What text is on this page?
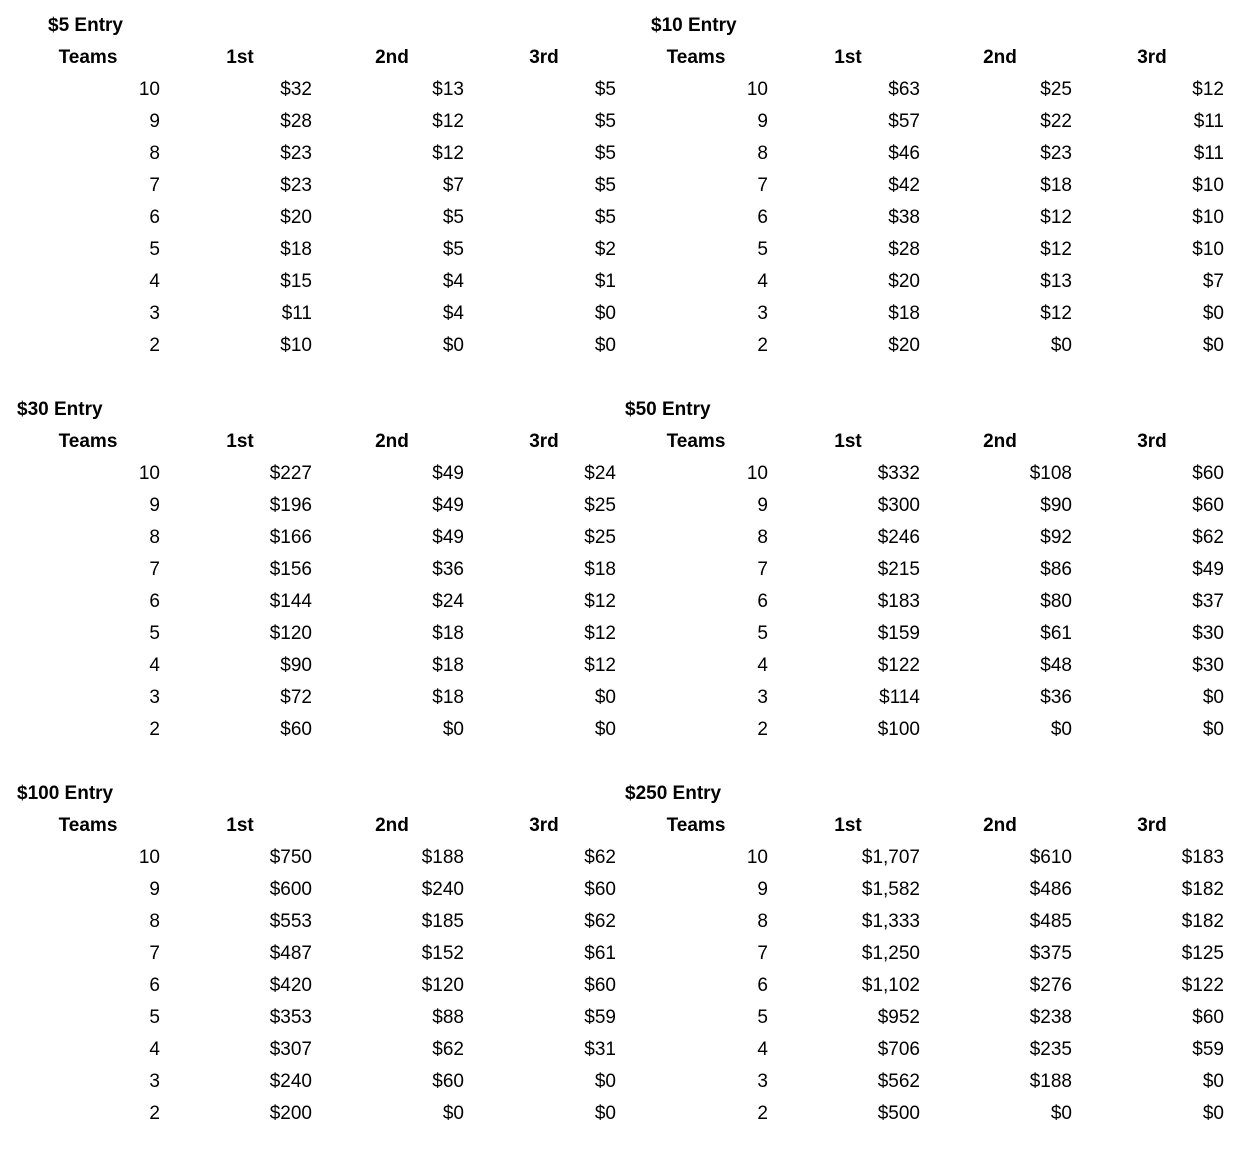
$5 Entry
Teams	1st	2nd	3rd
10	$32	$13	$5
9	$28	$12	$5
8	$23	$12	$5
7	$23	$7	$5
6	$20	$5	$5
5	$18	$5	$2
4	$15	$4	$1
3	$11	$4	$0
2	$10	$0	$0
$10 Entry
Teams	1st	2nd	3rd
10	$63	$25	$12
9	$57	$22	$11
8	$46	$23	$11
7	$42	$18	$10
6	$38	$12	$10
5	$28	$12	$10
4	$20	$13	$7
3	$18	$12	$0
2	$20	$0	$0
$30 Entry
Teams	1st	2nd	3rd
10	$227	$49	$24
9	$196	$49	$25
8	$166	$49	$25
7	$156	$36	$18
6	$144	$24	$12
5	$120	$18	$12
4	$90	$18	$12
3	$72	$18	$0
2	$60	$0	$0
$50 Entry
Teams	1st	2nd	3rd
10	$332	$108	$60
9	$300	$90	$60
8	$246	$92	$62
7	$215	$86	$49
6	$183	$80	$37
5	$159	$61	$30
4	$122	$48	$30
3	$114	$36	$0
2	$100	$0	$0
$100 Entry
Teams	1st	2nd	3rd
10	$750	$188	$62
9	$600	$240	$60
8	$553	$185	$62
7	$487	$152	$61
6	$420	$120	$60
5	$353	$88	$59
4	$307	$62	$31
3	$240	$60	$0
2	$200	$0	$0
$250 Entry
Teams	1st	2nd	3rd
10	$1,707	$610	$183
9	$1,582	$486	$182
8	$1,333	$485	$182
7	$1,250	$375	$125
6	$1,102	$276	$122
5	$952	$238	$60
4	$706	$235	$59
3	$562	$188	$0
2	$500	$0	$0
